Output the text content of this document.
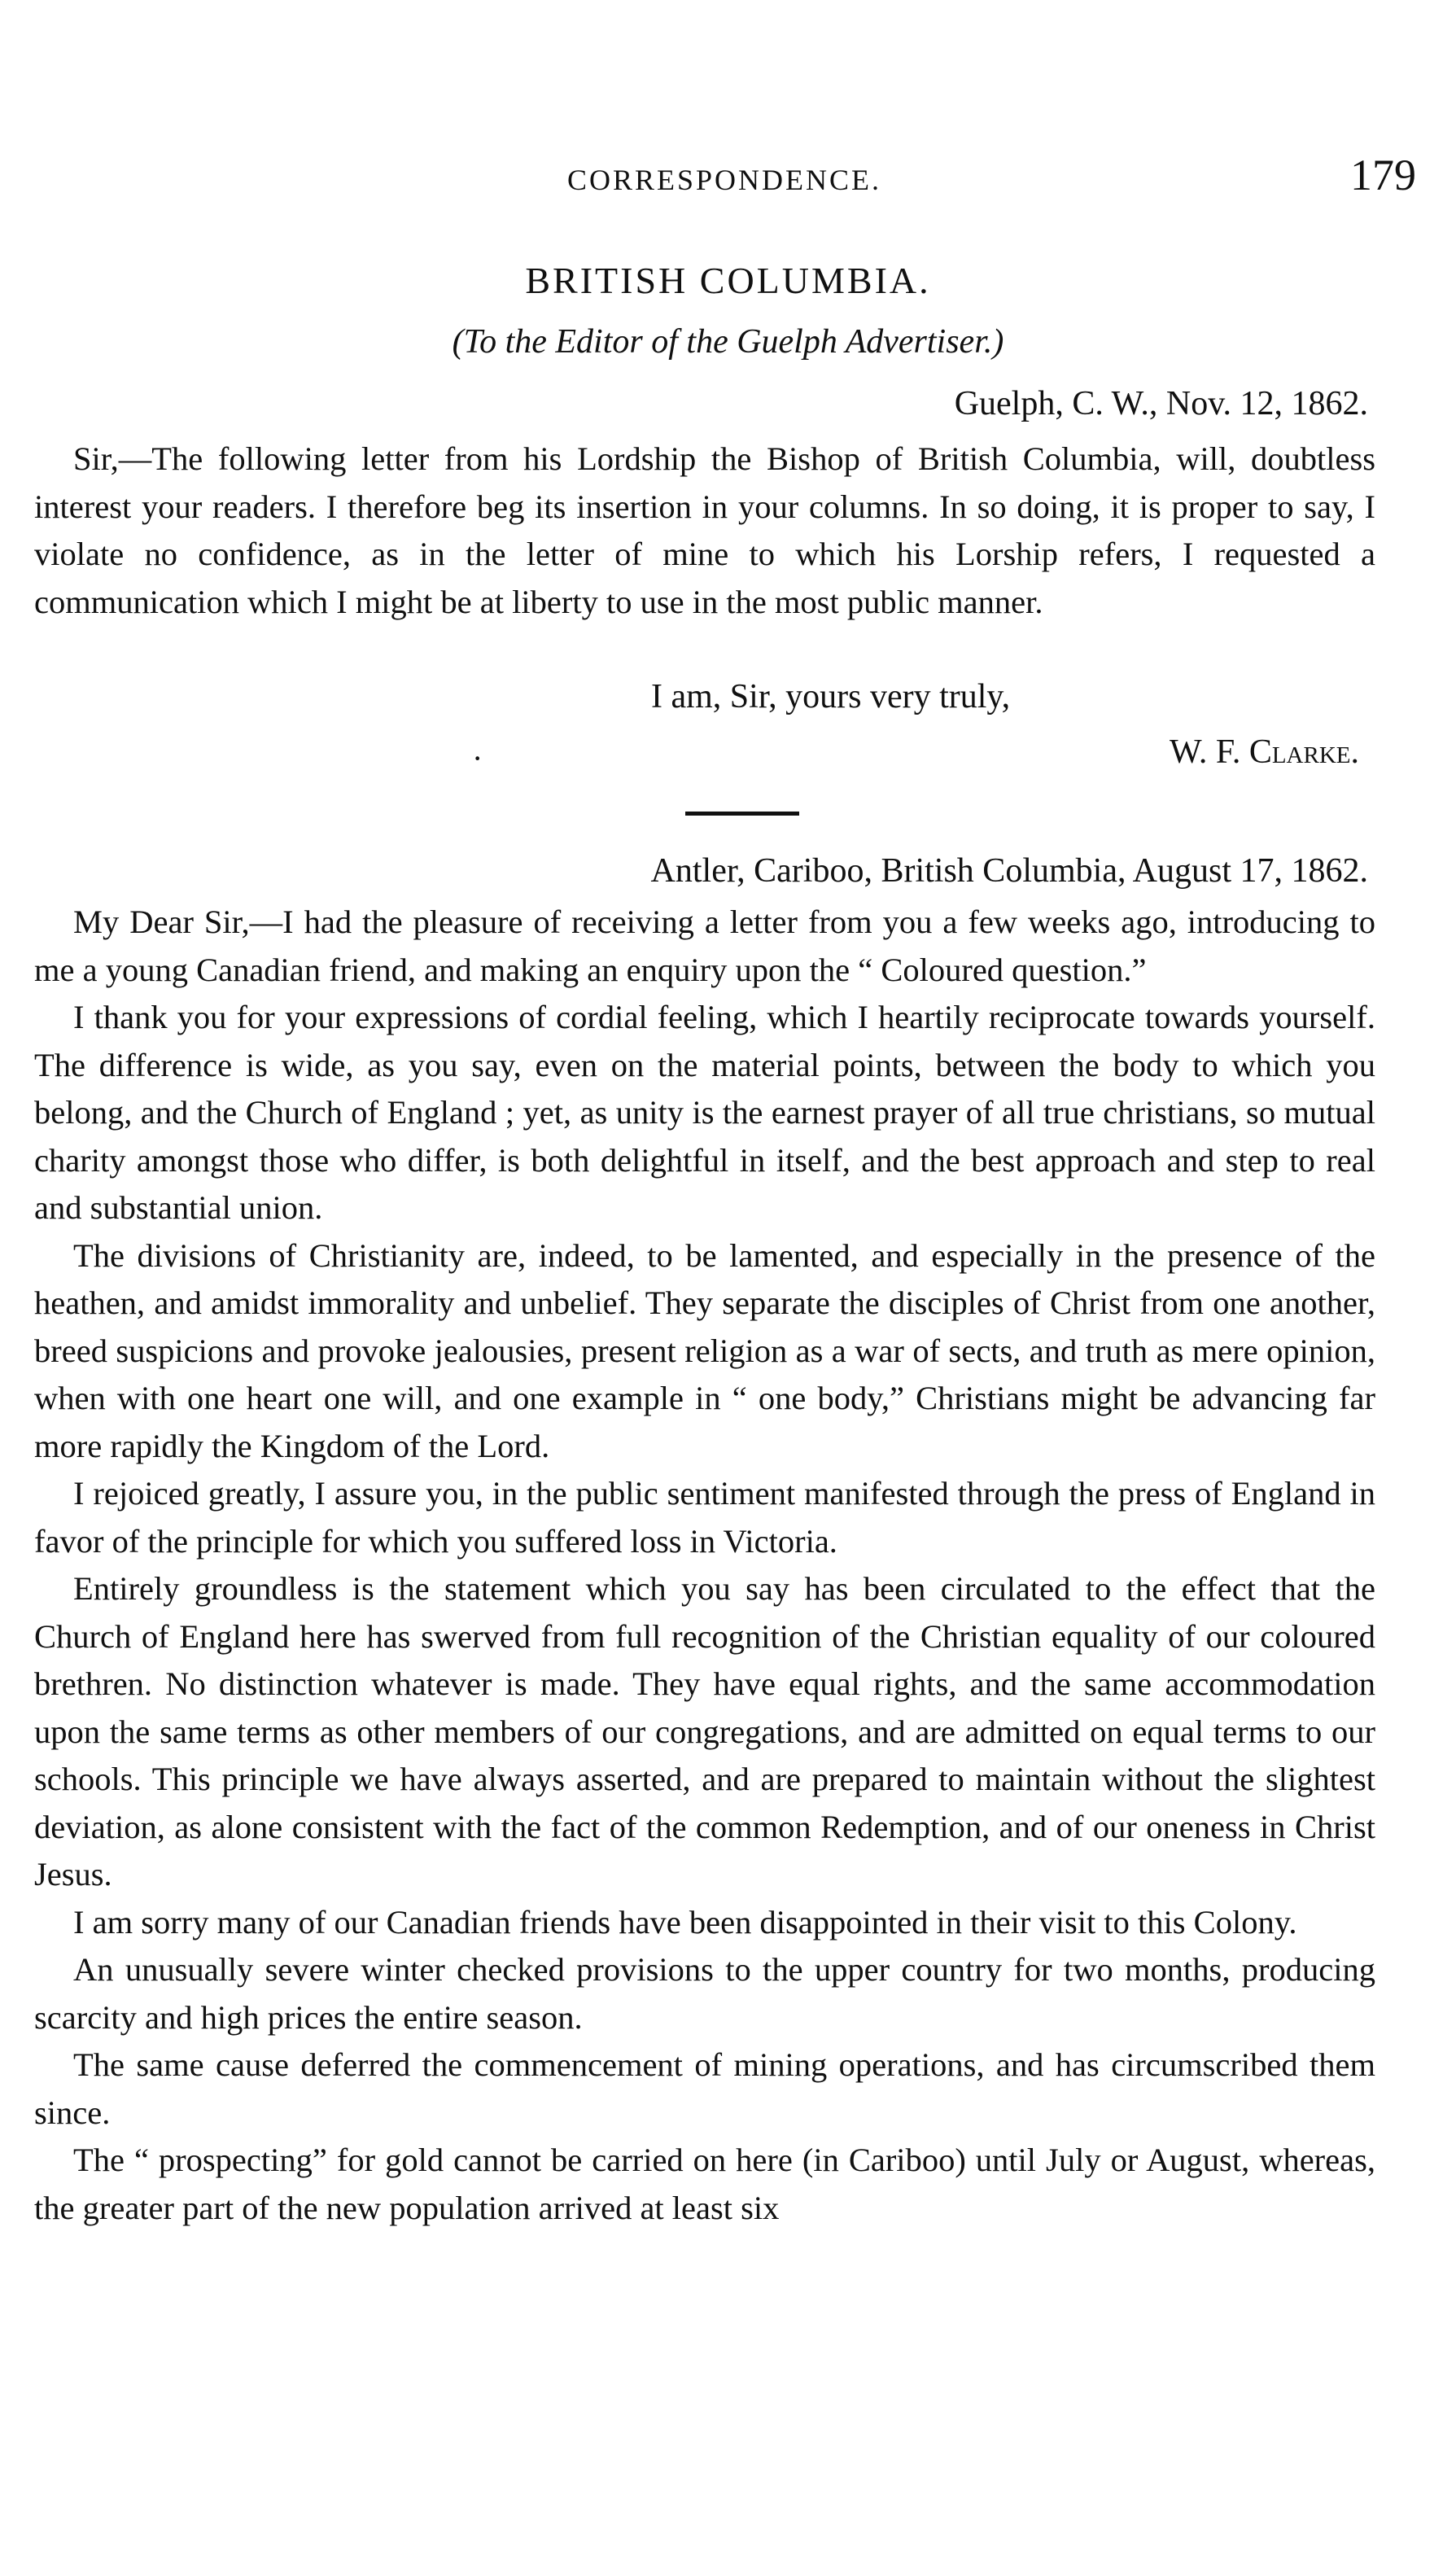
CORRESPONDENCE.	179
BRITISH COLUMBIA.
(To the Editor of the Guelph Advertiser.)
Guelph, C. W., Nov. 12, 1862.

Sir,—The following letter from his Lordship the Bishop of British Columbia, will, doubtless interest your readers. I therefore beg its insertion in your columns. In so doing, it is proper to say, I violate no confidence, as in the letter of mine to which his Lorship refers, I requested a communication which I might be at liberty to use in the most public manner.

I am, Sir, yours very truly,
·	W. F. Clarke.
Antler, Cariboo, British Columbia, August 17, 1862.

My Dear Sir,—I had the pleasure of receiving a letter from you a few weeks ago, introducing to me a young Canadian friend, and making an enquiry upon the “ Coloured question.”

I thank you for your expressions of cordial feeling, which I heartily reciprocate towards yourself. The difference is wide, as you say, even on the material points, between the body to which you belong, and the Church of England ; yet, as unity is the earnest prayer of all true christians, so mutual charity amongst those who differ, is both delightful in itself, and the best approach and step to real and substantial union.

The divisions of Christianity are, indeed, to be lamented, and especially in the presence of the heathen, and amidst immorality and unbelief. They separate the disciples of Christ from one another, breed suspicions and provoke jealousies, present religion as a war of sects, and truth as mere opinion, when with one heart one will, and one example in “ one body,” Christians might be advancing far more rapidly the Kingdom of the Lord.

I rejoiced greatly, I assure you, in the public sentiment manifested through the press of England in favor of the principle for which you suffered loss in Victoria.

Entirely groundless is the statement which you say has been circulated to the effect that the Church of England here has swerved from full recognition of the Christian equality of our coloured brethren. No distinction whatever is made. They have equal rights, and the same accommodation upon the same terms as other members of our congregations, and are admitted on equal terms to our schools. This principle we have always asserted, and are prepared to maintain without the slightest deviation, as alone consistent with the fact of the common Redemption, and of our oneness in Christ Jesus.

I am sorry many of our Canadian friends have been disappointed in their visit to this Colony.

An unusually severe winter checked provisions to the upper country for two months, producing scarcity and high prices the entire season.

The same cause deferred the commencement of mining operations, and has circumscribed them since.

The “ prospecting” for gold cannot be carried on here (in Cariboo) until July or August, whereas, the greater part of the new population arrived at least six
